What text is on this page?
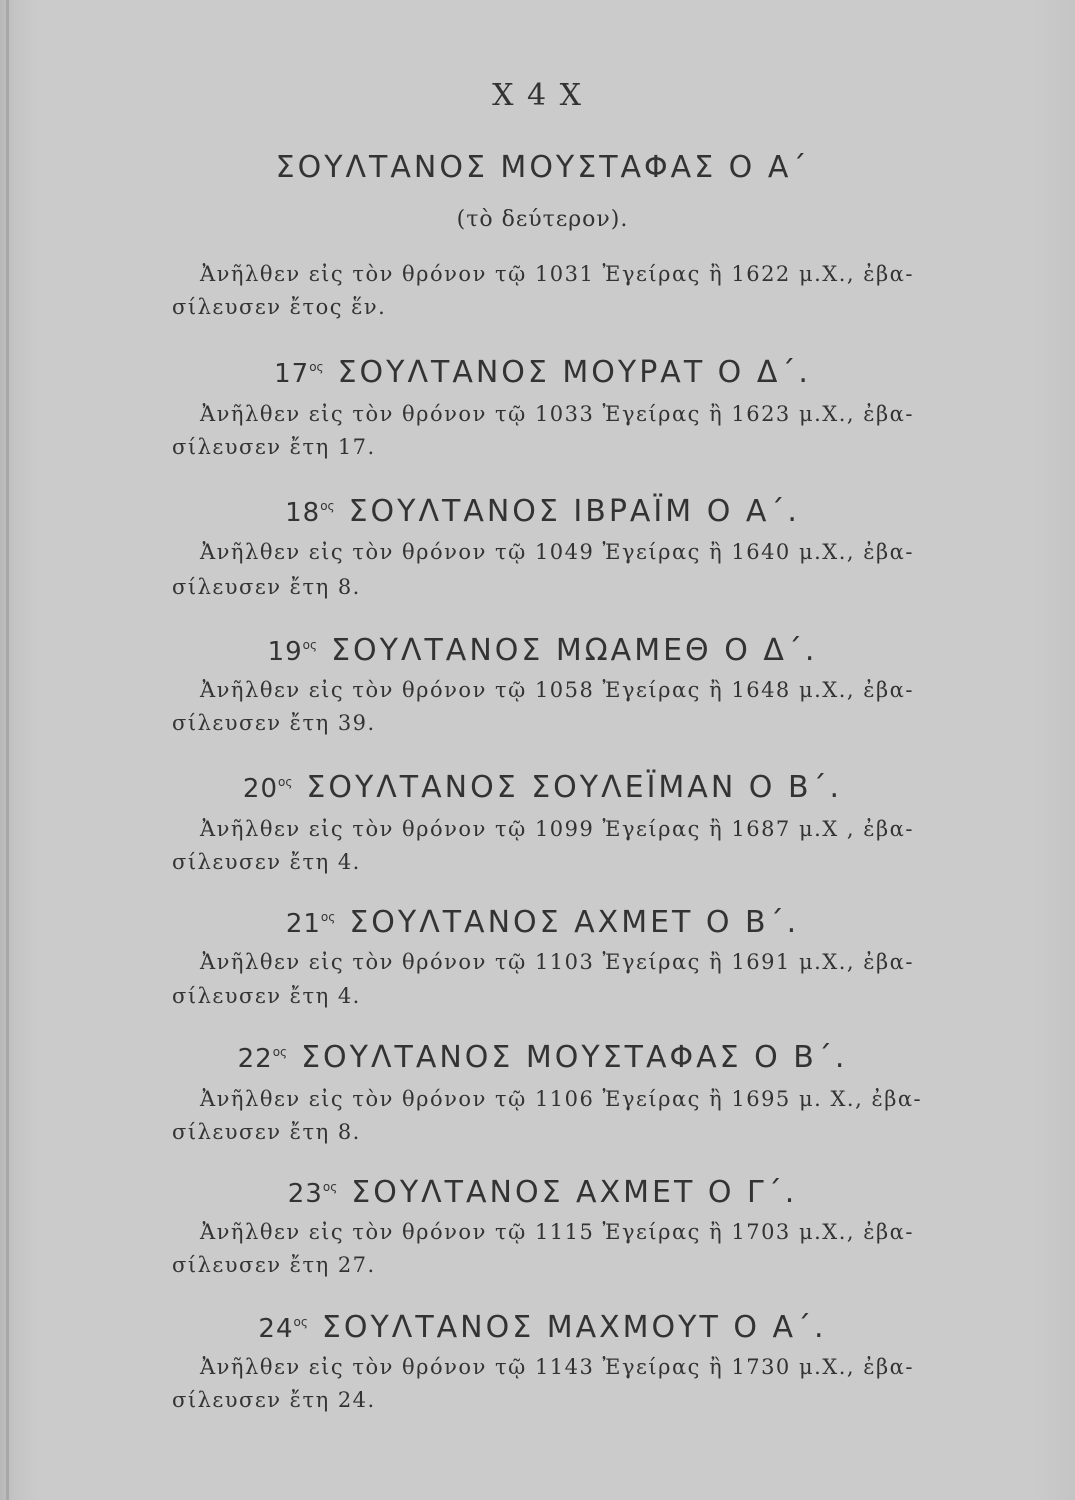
Χ 4 Χ
ΣΟΥΛΤΑΝΟΣ ΜΟΥΣΤΑΦΑΣ Ο Α΄
(τὸ δεύτερον).
Ἀνῆλθεν εἰς τὸν θρόνον τῷ 1031 Ἐγείρας ἢ 1622 μ.Χ., ἐβα-
σίλευσεν ἔτος ἕν.
$17^{o\varsigma}$ ΣΟΥΛΤΑΝΟΣ ΜΟΥΡΑΤ Ο Δ΄.
Ἀνῆλθεν εἰς τὸν θρόνον τῷ 1033 Ἐγείρας ἢ 1623 μ.Χ., ἐβα-
σίλευσεν ἔτη 17.
$18^{o\varsigma}$ ΣΟΥΛΤΑΝΟΣ ΙΒΡΑΪΜ Ο Α΄.
Ἀνῆλθεν εἰς τὸν θρόνον τῷ 1049 Ἐγείρας ἢ 1640 μ.Χ., ἐβα-
σίλευσεν ἔτη 8.
$19^{o\varsigma}$ ΣΟΥΛΤΑΝΟΣ ΜΩΑΜΕΘ Ο Δ΄.
Ἀνῆλθεν εἰς τὸν θρόνον τῷ 1058 Ἐγείρας ἢ 1648 μ.Χ., ἐβα-
σίλευσεν ἔτη 39.
$20^{o\varsigma}$ ΣΟΥΛΤΑΝΟΣ ΣΟΥΛΕΪΜΑΝ Ο Β΄.
Ἀνῆλθεν εἰς τὸν θρόνον τῷ 1099 Ἐγείρας ἢ 1687 μ.Χ , ἐβα-
σίλευσεν ἔτη 4.
$21^{o\varsigma}$ ΣΟΥΛΤΑΝΟΣ ΑΧΜΕΤ Ο Β΄.
Ἀνῆλθεν εἰς τὸν θρόνον τῷ 1103 Ἐγείρας ἢ 1691 μ.Χ., ἐβα-
σίλευσεν ἔτη 4.
$22^{o\varsigma}$ ΣΟΥΛΤΑΝΟΣ ΜΟΥΣΤΑΦΑΣ Ο Β΄.
Ἀνῆλθεν εἰς τὸν θρόνον τῷ 1106 Ἐγείρας ἢ 1695 μ. Χ., ἐβα-
σίλευσεν ἔτη 8.
$23^{o\varsigma}$ ΣΟΥΛΤΑΝΟΣ ΑΧΜΕΤ Ο Γ΄.
Ἀνῆλθεν εἰς τὸν θρόνον τῷ 1115 Ἐγείρας ἢ 1703 μ.Χ., ἐβα-
σίλευσεν ἔτη 27.
$24^{o\varsigma}$ ΣΟΥΛΤΑΝΟΣ ΜΑΧΜΟΥΤ Ο Α΄.
Ἀνῆλθεν εἰς τὸν θρόνον τῷ 1143 Ἐγείρας ἢ 1730 μ.Χ., ἐβα-
σίλευσεν ἔτη 24.
